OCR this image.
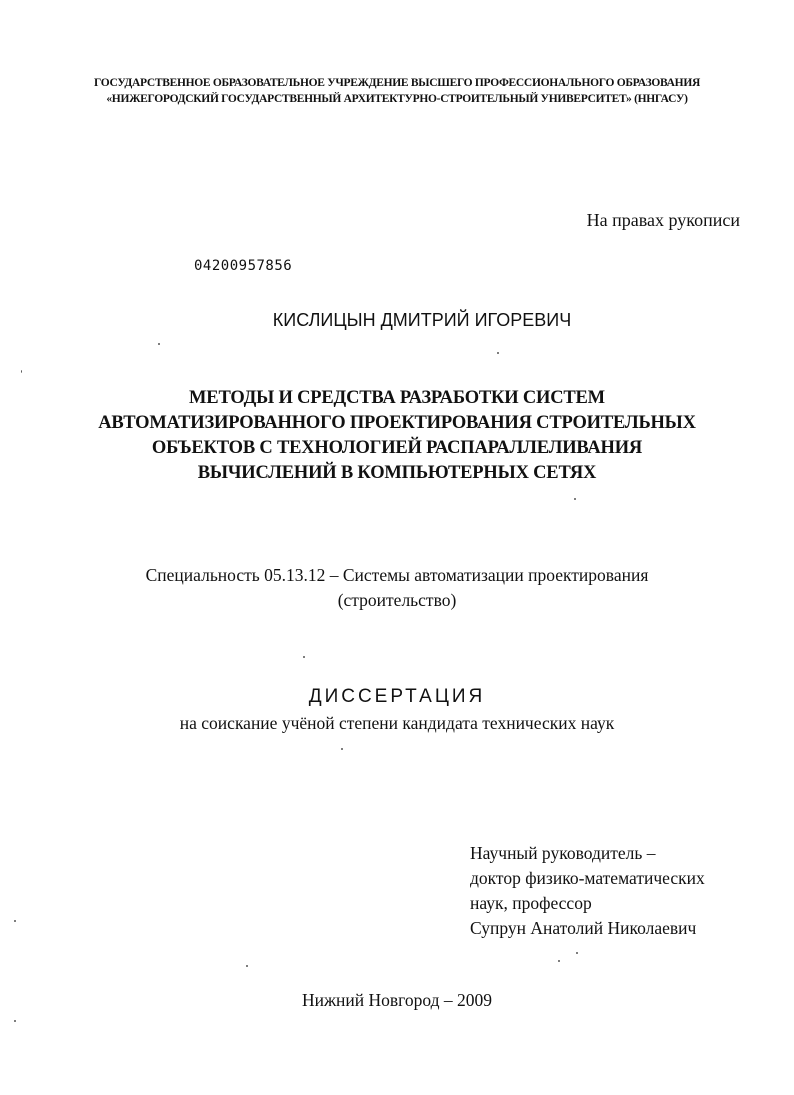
ГОСУДАРСТВЕННОЕ ОБРАЗОВАТЕЛЬНОЕ УЧРЕЖДЕНИЕ ВЫСШЕГО ПРОФЕССИОНАЛЬНОГО ОБРАЗОВАНИЯ
«НИЖЕГОРОДСКИЙ ГОСУДАРСТВЕННЫЙ АРХИТЕКТУРНО-СТРОИТЕЛЬНЫЙ УНИВЕРСИТЕТ» (ННГАСУ)
На правах рукописи
04200957856
КИСЛИЦЫН ДМИТРИЙ ИГОРЕВИЧ
МЕТОДЫ И СРЕДСТВА РАЗРАБОТКИ СИСТЕМ
АВТОМАТИЗИРОВАННОГО ПРОЕКТИРОВАНИЯ СТРОИТЕЛЬНЫХ
ОБЪЕКТОВ С ТЕХНОЛОГИЕЙ РАСПАРАЛЛЕЛИВАНИЯ
ВЫЧИСЛЕНИЙ В КОМПЬЮТЕРНЫХ СЕТЯХ
Специальность 05.13.12 – Системы автоматизации проектирования
(строительство)
ДИССЕРТАЦИЯ
на соискание учёной степени кандидата технических наук
Научный руководитель –
доктор физико-математических
наук, профессор
Супрун Анатолий Николаевич
Нижний Новгород – 2009
